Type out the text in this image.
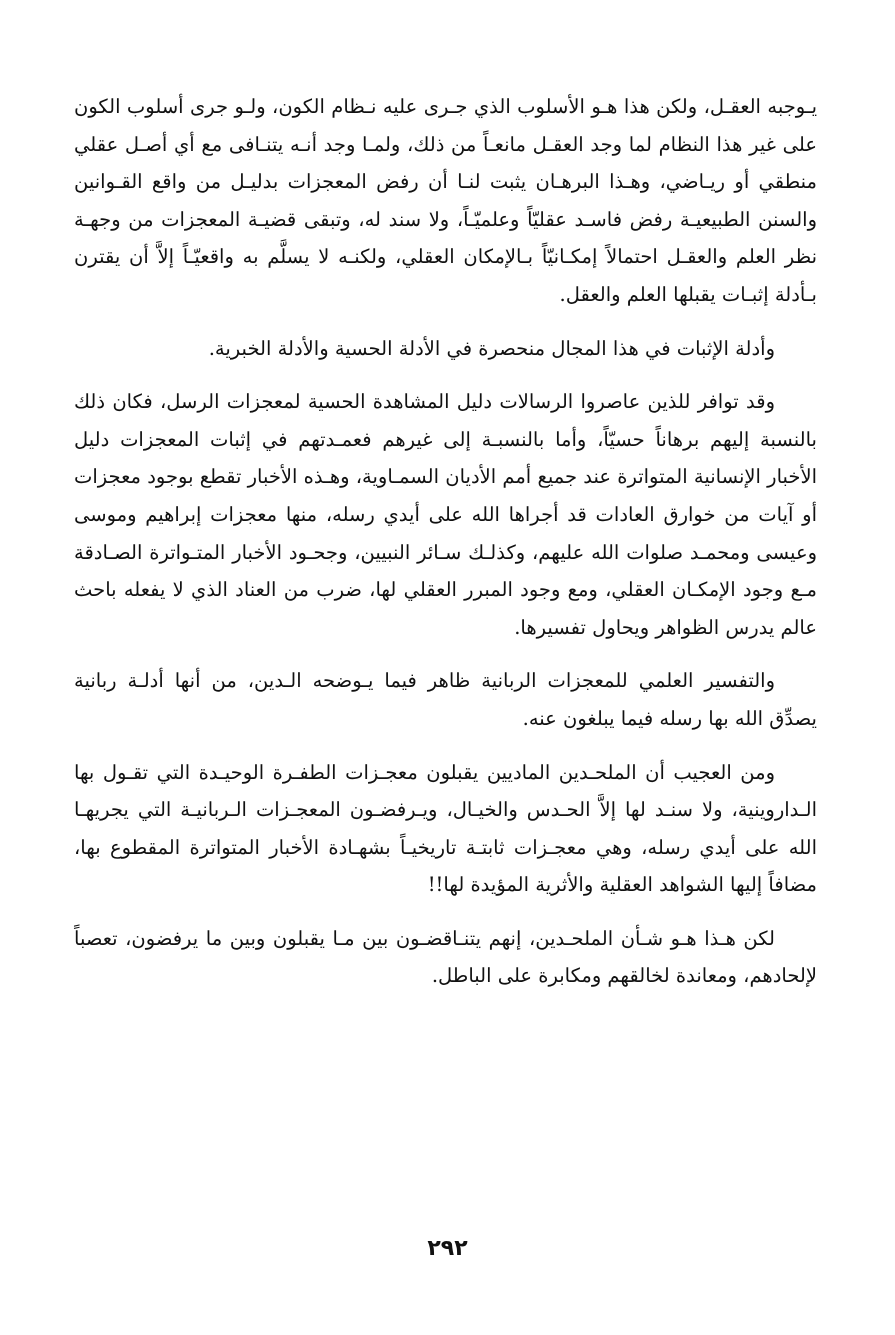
يـوجبه العقـل، ولكن هذا هـو الأسلوب الذي جـرى عليه نـظام الكون، ولـو جرى أسلوب الكون على غير هذا النظام لما وجد العقـل مانعـاً من ذلك، ولمـا وجد أنـه يتنـافى مع أي أصـل عقلي منطقي أو ريـاضي، وهـذا البرهـان يثبت لنـا أن رفض المعجزات بدليـل من واقع القـوانين والسنن الطبيعيـة رفض فاسـد عقليّاً وعلميّـاً، ولا سند له، وتبقى قضيـة المعجزات من وجهـة نظر العلم والعقـل احتمالاً إمكـانيّاً بـالإمكان العقلي، ولكنـه لا يسلَّم به واقعيّـاً إلاَّ أن يقترن بـأدلة إثبـات يقبلها العلم والعقل.

وأدلة الإثبات في هذا المجال منحصرة في الأدلة الحسية والأدلة الخبرية.

وقد توافر للذين عاصروا الرسالات دليل المشاهدة الحسية لمعجزات الرسل، فكان ذلك بالنسبة إليهم برهاناً حسيّاً، وأما بالنسبـة إلى غيرهم فعمـدتهم في إثبات المعجزات دليل الأخبار الإنسانية المتواترة عند جميع أمم الأديان السمـاوية، وهـذه الأخبار تقطع بوجود معجزات أو آيات من خوارق العادات قد أجراها الله على أيدي رسله، منها معجزات إبراهيم وموسى وعيسى ومحمـد صلوات الله عليهم، وكذلـك سـائر النبيين، وجحـود الأخبار المتـواترة الصـادقة مـع وجود الإمكـان العقلي، ومع وجود المبرر العقلي لها، ضرب من العناد الذي لا يفعله باحث عالم يدرس الظواهر ويحاول تفسيرها.

والتفسير العلمي للمعجزات الربانية ظاهر فيما يـوضحه الـدين، من أنها أدلـة ربانية يصدِّق الله بها رسله فيما يبلغون عنه.

ومن العجيب أن الملحـدين الماديين يقبلون معجـزات الطفـرة الوحيـدة التي تقـول بها الـداروينية، ولا سنـد لها إلاَّ الحـدس والخيـال، ويـرفضـون المعجـزات الـربانيـة التي يجريهـا الله على أيدي رسله، وهي معجـزات ثابتـة تاريخيـاً بشهـادة الأخبار المتواترة المقطوع بها، مضافاً إليها الشواهد العقلية والأثرية المؤيدة لها!!

لكن هـذا هـو شـأن الملحـدين، إنهم يتنـاقضـون بين مـا يقبلون وبين ما يرفضون، تعصباً لإلحادهم، ومعاندة لخالقهم ومكابرة على الباطل.

٢٩٢
